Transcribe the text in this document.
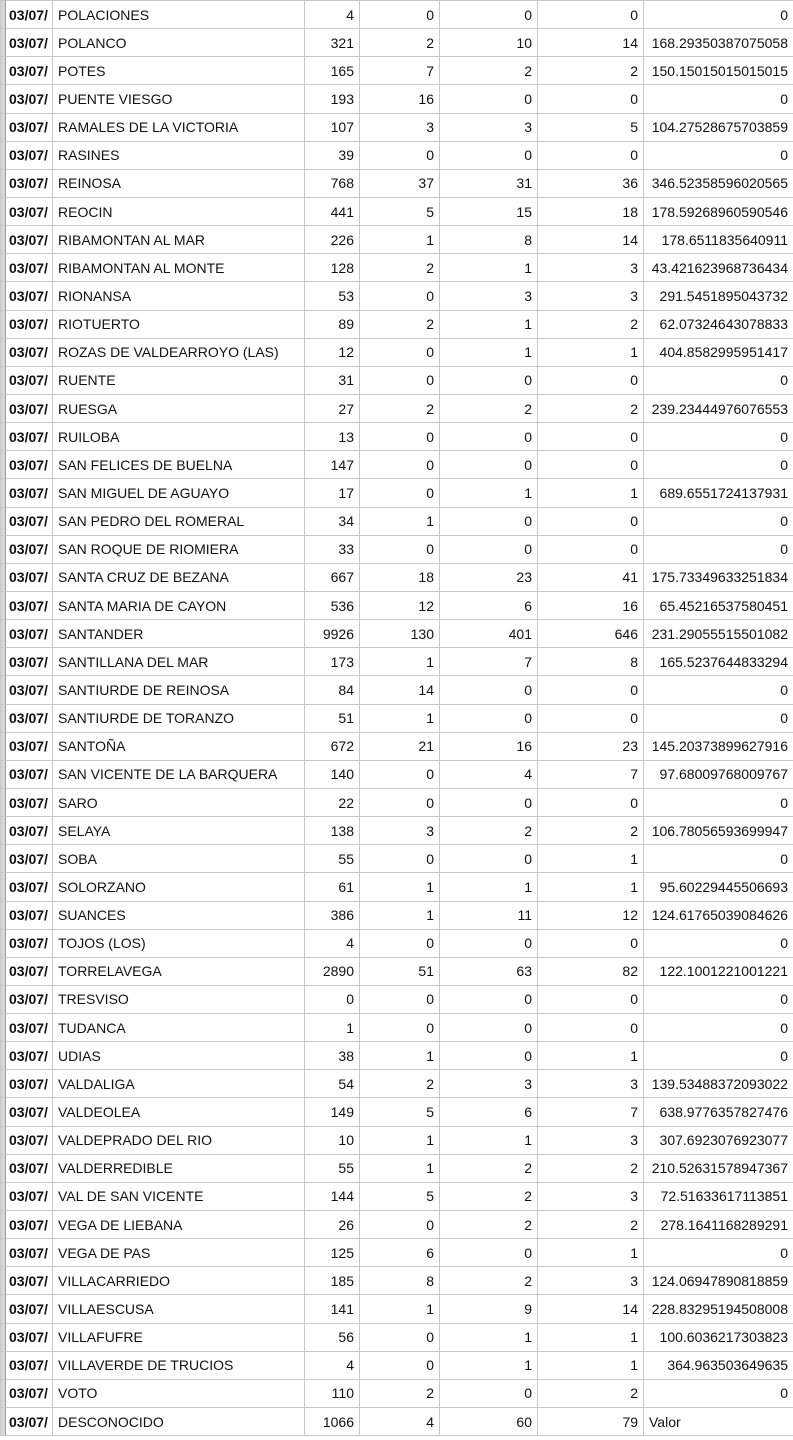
	03/07/	POLACIONES	4	0	0	0	0
	03/07/	POLANCO	321	2	10	14	168.29350387075058
	03/07/	POTES	165	7	2	2	150.15015015015015
	03/07/	PUENTE VIESGO	193	16	0	0	0
	03/07/	RAMALES DE LA VICTORIA	107	3	3	5	104.27528675703859
	03/07/	RASINES	39	0	0	0	0
	03/07/	REINOSA	768	37	31	36	346.52358596020565
	03/07/	REOCIN	441	5	15	18	178.59268960590546
	03/07/	RIBAMONTAN AL MAR	226	1	8	14	178.6511835640911
	03/07/	RIBAMONTAN AL MONTE	128	2	1	3	43.421623968736434
	03/07/	RIONANSA	53	0	3	3	291.5451895043732
	03/07/	RIOTUERTO	89	2	1	2	62.07324643078833
	03/07/	ROZAS DE VALDEARROYO (LAS)	12	0	1	1	404.8582995951417
	03/07/	RUENTE	31	0	0	0	0
	03/07/	RUESGA	27	2	2	2	239.23444976076553
	03/07/	RUILOBA	13	0	0	0	0
	03/07/	SAN FELICES DE BUELNA	147	0	0	0	0
	03/07/	SAN MIGUEL DE AGUAYO	17	0	1	1	689.6551724137931
	03/07/	SAN PEDRO DEL ROMERAL	34	1	0	0	0
	03/07/	SAN ROQUE DE RIOMIERA	33	0	0	0	0
	03/07/	SANTA CRUZ DE BEZANA	667	18	23	41	175.73349633251834
	03/07/	SANTA MARIA DE CAYON	536	12	6	16	65.45216537580451
	03/07/	SANTANDER	9926	130	401	646	231.29055515501082
	03/07/	SANTILLANA DEL MAR	173	1	7	8	165.5237644833294
	03/07/	SANTIURDE DE REINOSA	84	14	0	0	0
	03/07/	SANTIURDE DE TORANZO	51	1	0	0	0
	03/07/	SANTOÑA	672	21	16	23	145.20373899627916
	03/07/	SAN VICENTE DE LA BARQUERA	140	0	4	7	97.68009768009767
	03/07/	SARO	22	0	0	0	0
	03/07/	SELAYA	138	3	2	2	106.78056593699947
	03/07/	SOBA	55	0	0	1	0
	03/07/	SOLORZANO	61	1	1	1	95.60229445506693
	03/07/	SUANCES	386	1	11	12	124.61765039084626
	03/07/	TOJOS (LOS)	4	0	0	0	0
	03/07/	TORRELAVEGA	2890	51	63	82	122.1001221001221
	03/07/	TRESVISO	0	0	0	0	0
	03/07/	TUDANCA	1	0	0	0	0
	03/07/	UDIAS	38	1	0	1	0
	03/07/	VALDALIGA	54	2	3	3	139.53488372093022
	03/07/	VALDEOLEA	149	5	6	7	638.9776357827476
	03/07/	VALDEPRADO DEL RIO	10	1	1	3	307.6923076923077
	03/07/	VALDERREDIBLE	55	1	2	2	210.52631578947367
	03/07/	VAL DE SAN VICENTE	144	5	2	3	72.51633617113851
	03/07/	VEGA DE LIEBANA	26	0	2	2	278.1641168289291
	03/07/	VEGA DE PAS	125	6	0	1	0
	03/07/	VILLACARRIEDO	185	8	2	3	124.06947890818859
	03/07/	VILLAESCUSA	141	1	9	14	228.83295194508008
	03/07/	VILLAFUFRE	56	0	1	1	100.6036217303823
	03/07/	VILLAVERDE DE TRUCIOS	4	0	1	1	364.963503649635
	03/07/	VOTO	110	2	0	2	0
	03/07/	DESCONOCIDO	1066	4	60	79	Valor
